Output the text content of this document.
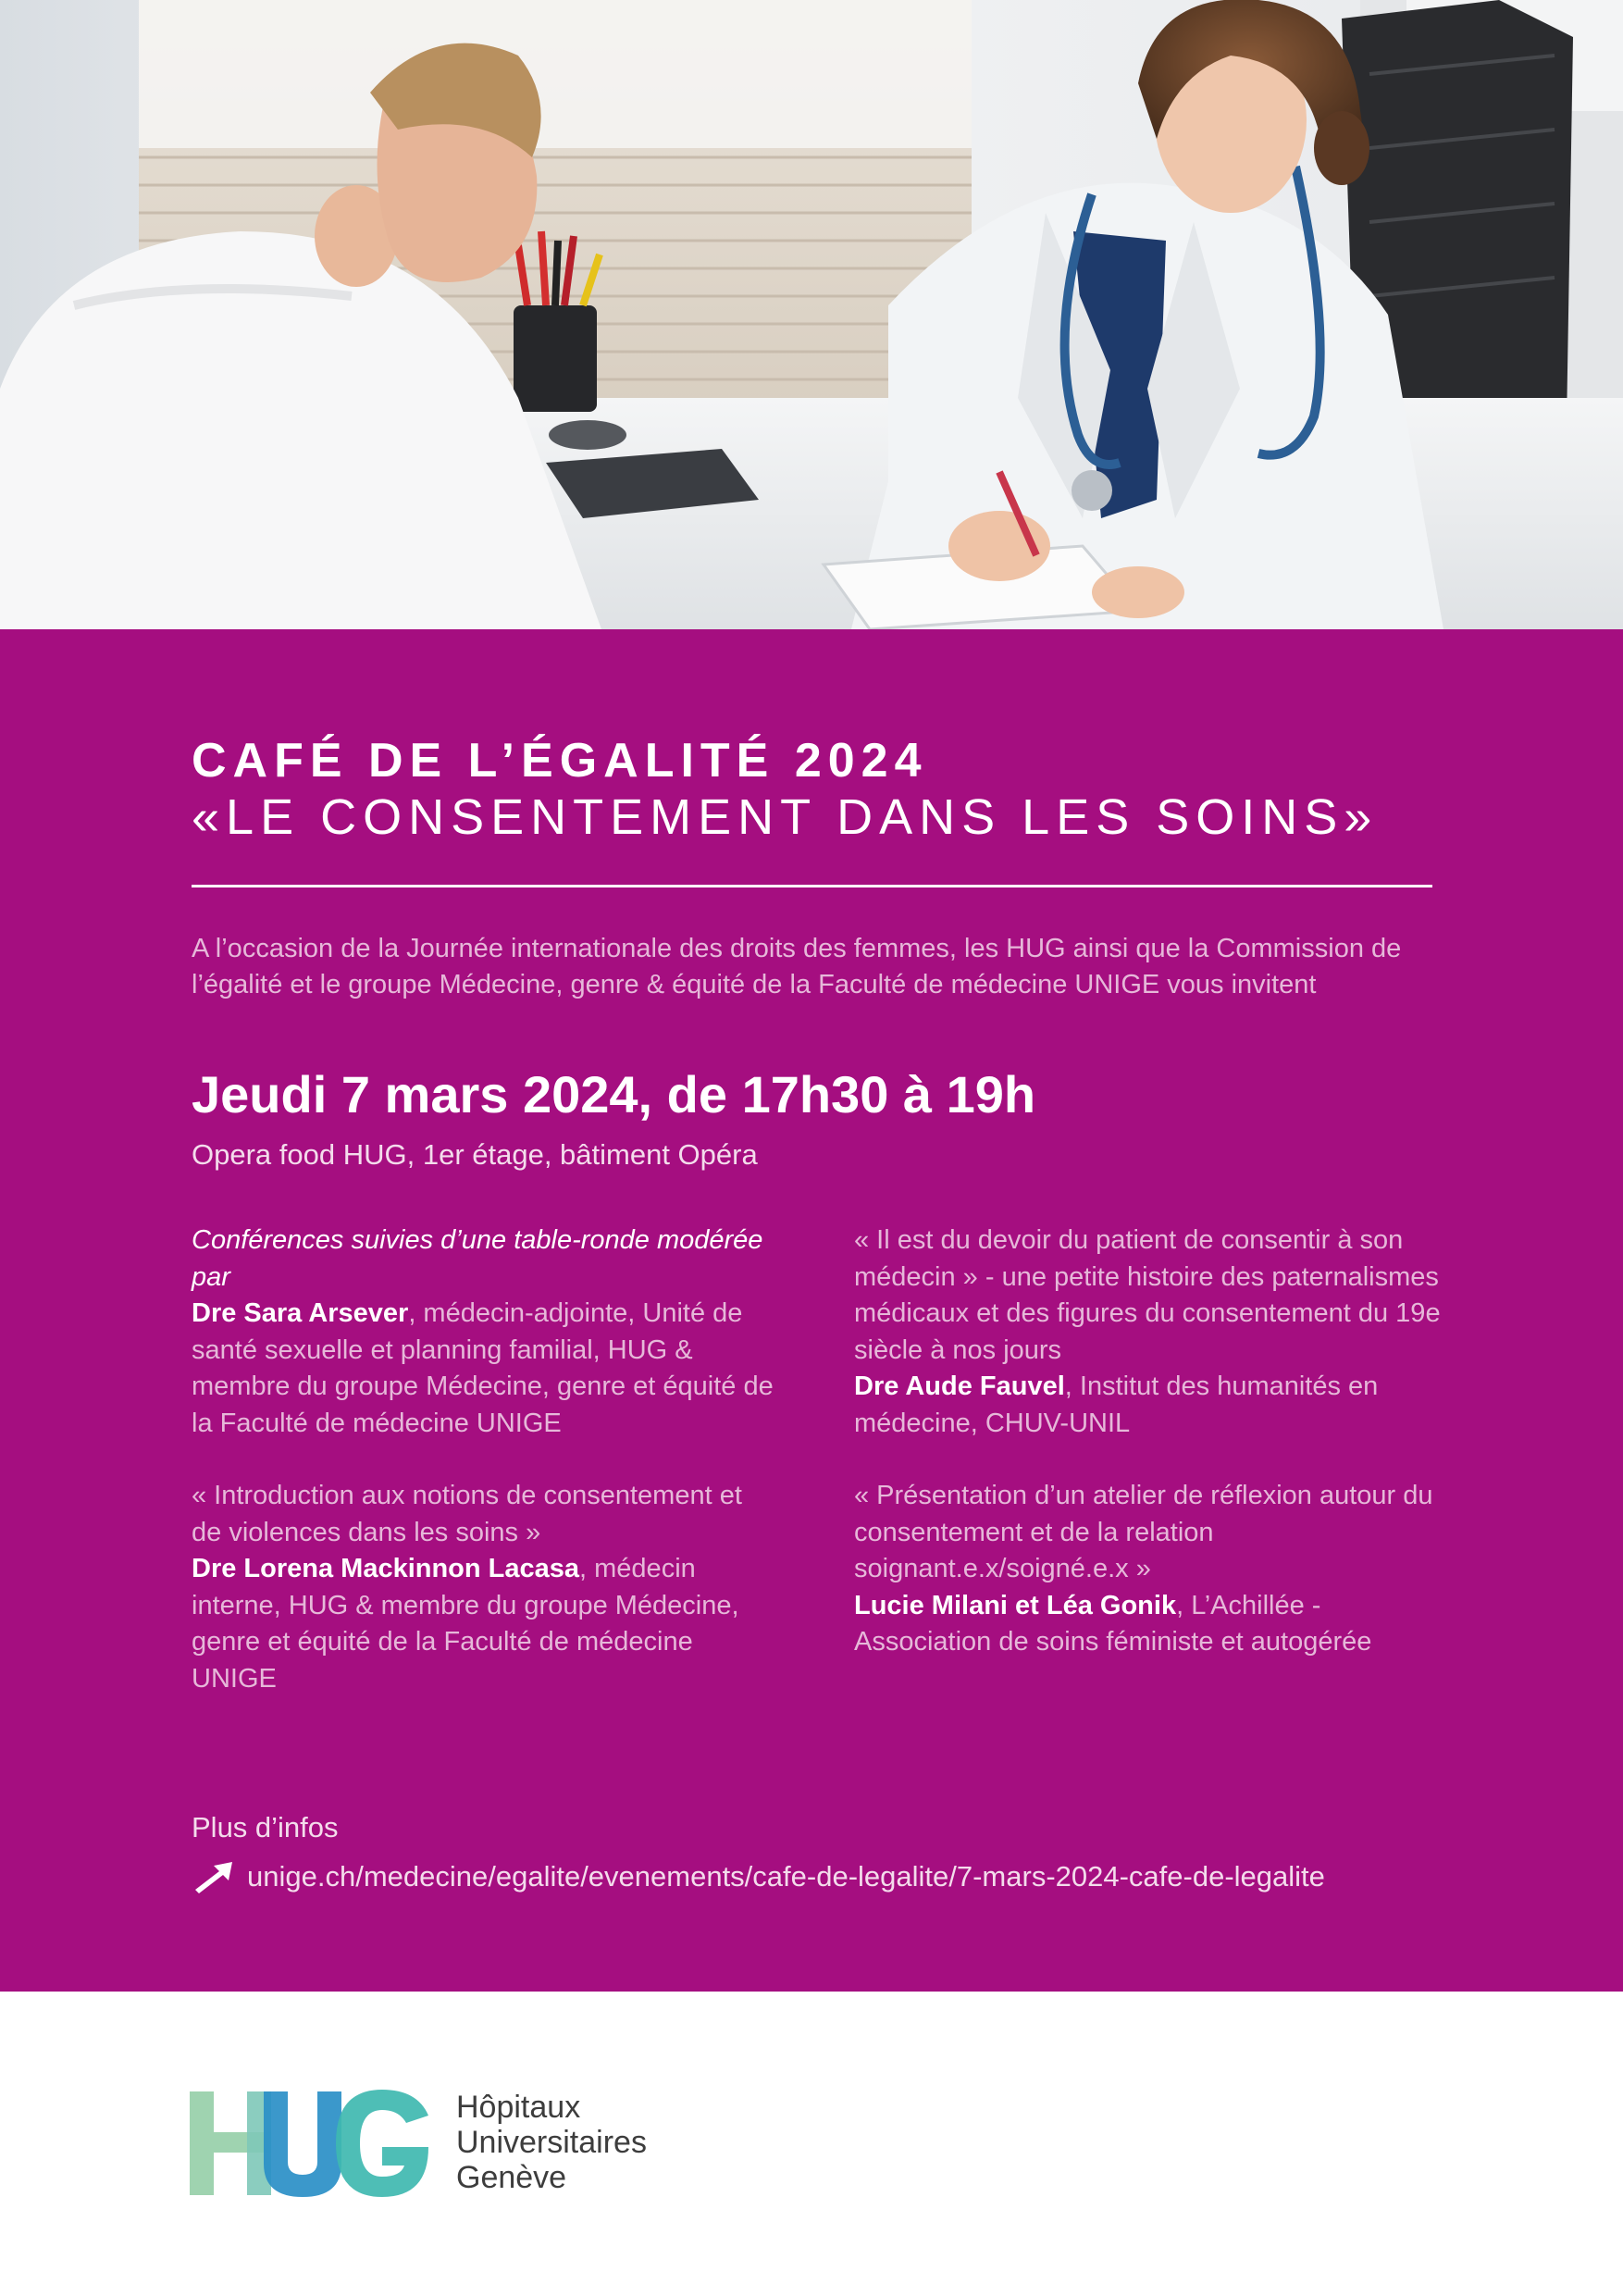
CAFÉ DE L’ÉGALITÉ 2024
«LE CONSENTEMENT DANS LES SOINS»

A l’occasion de la Journée internationale des droits des femmes, les HUG ainsi que la Commission de l’égalité et le groupe Médecine, genre & équité de la Faculté de médecine UNIGE vous invitent

Jeudi 7 mars 2024, de 17h30 à 19h

Opera food HUG, 1er étage, bâtiment Opéra

Conférences suivies d’une table-ronde modérée par
Dre Sara Arsever, médecin-adjointe, Unité de santé sexuelle et planning familial, HUG & membre du groupe Médecine, genre et équité de la Faculté de médecine UNIGE

« Introduction aux notions de consentement et de violences dans les soins »
Dre Lorena Mackinnon Lacasa, médecin interne, HUG & membre du groupe Médecine, genre et équité de la Faculté de médecine UNIGE

« Il est du devoir du patient de consentir à son médecin » - une petite histoire des paternalismes médicaux et des figures du consentement du 19e siècle à nos jours
Dre Aude Fauvel, Institut des humanités en médecine, CHUV-UNIL

« Présentation d’un atelier de réflexion autour du consentement et de la relation soignant.e.x/soigné.e.x »
Lucie Milani et Léa Gonik, L’Achillée - Association de soins féministe et autogérée

Plus d’infos

unige.ch/medecine/egalite/evenements/cafe-de-legalite/7-mars-2024-cafe-de-legalite
Hôpitaux
Universitaires
Genève
